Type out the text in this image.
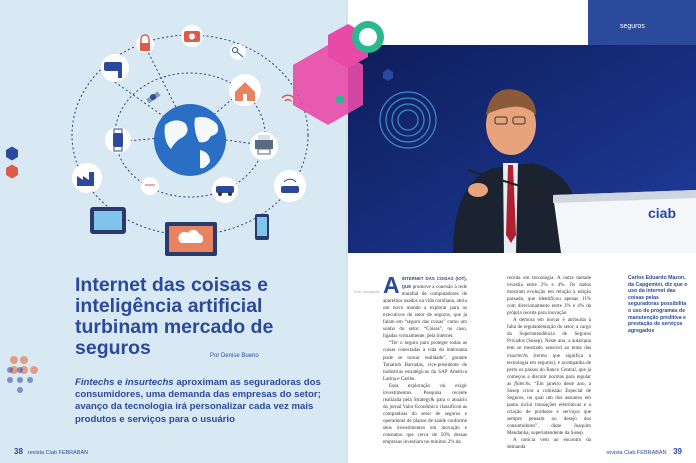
Internet das coisas e inteligência artificial turbinam mercado de seguros	Por Denise Bueno

Fintechs e insurtechs aproximam as seguradoras dos consumidores, uma demanda das empresas do setor; avanço da tecnologia irá personalizar cada vez mais produtos e serviços para o usuário

38 revista Ciab FEBRABAN
seguros
ciab
Foto: divulgação AINTERNET DAS COISAS (IOT), QUE promove a conexão à rede mundial de computadores de aparelhos usados na vida cotidiana, abriu um novo mundo a explorar para os executivos do setor de seguros, que já falam em “seguro das coisas” como um sonho do setor. “Coisas”, no caso, ligadas virtualmente, pela internet.

“Ter o seguro para proteger todas as coisas conectadas à vida do internauta pode se tornar realidade”, garante Tonatiuh Barradas, vice-presidente de indústrias estratégicas da SAP América Latina e Caribe.

Essa exploração vai exigir investimentos. Pesquisa recente realizada pela Strategy& para o anuário do jornal Valor Econômico classificou as companhias do setor de seguros e operadoras de planos de saúde conforme seus investimentos em inovação e constatou que cerca de 50% dessas empresas investiam no mínimo 2% da

receita em tecnologia. A outra metade investia entre 2% e 4%. Os dados mostram evolução em relação à edição passada, que identificou apenas 11% com direcionamento entre 3% e 4% da própria receita para inovação.

A demora em inovar é atribuída à falta de regulamentação do setor, a cargo da Superintendência de Seguros Privados (Susep). Neste ano, a autarquia tem se mostrado sensível ao tema das insurtechs (termo que significa a tecnologia em seguros), e acompanha de perto os passos do Banco Central, que já começou a discutir normas para regular as fintechs. “Em janeiro deste ano, a Susep criou a comissão Especial de Seguros, no qual um dos assuntos em pauta inclui transações eletrônicas e a criação de produtos e serviços que sempre pensam no desejo dos consumidores”, disse Joaquim Mendanha, superintendente da Susep.

A notícia vem ao encontro da demanda

Carlos Eduardo Mazon, da Capgemini, diz que o uso da internet das coisas pelas seguradoras possibilita o uso de programas de manutenção preditiva e prestação de serviços agregados
revista Ciab FEBRABAN 39
